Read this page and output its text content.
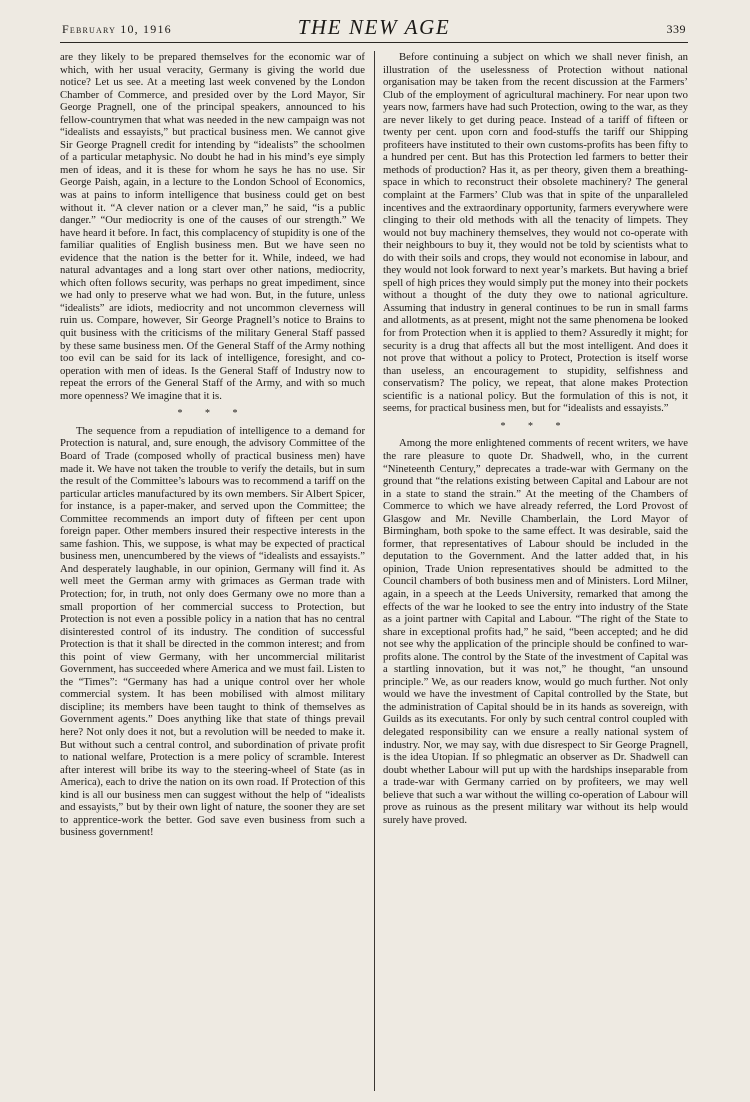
February 10, 1916	THE NEW AGE	339

are they likely to be prepared themselves for the economic war of which, with her usual veracity, Germany is giving the world due notice? Let us see. At a meeting last week convened by the London Chamber of Commerce, and presided over by the Lord Mayor, Sir George Pragnell, one of the principal speakers, announced to his fellow-countrymen that what was needed in the new campaign was not “idealists and essayists,” but practical business men. We cannot give Sir George Pragnell credit for intending by “idealists” the schoolmen of a particular metaphysic. No doubt he had in his mind’s eye simply men of ideas, and it is these for whom he says he has no use. Sir George Paish, again, in a lecture to the London School of Economics, was at pains to inform intelligence that business could get on best without it. “A clever nation or a clever man,” he said, “is a public danger.” “Our mediocrity is one of the causes of our strength.” We have heard it before. In fact, this complacency of stupidity is one of the familiar qualities of English business men. But we have seen no evidence that the nation is the better for it. While, indeed, we had natural advantages and a long start over other nations, mediocrity, which often follows security, was perhaps no great impediment, since we had only to preserve what we had won. But, in the future, unless “idealists” are idiots, mediocrity and not uncommon cleverness will ruin us. Compare, however, Sir George Pragnell’s notice to Brains to quit business with the criticisms of the military General Staff passed by these same business men. Of the General Staff of the Army nothing too evil can be said for its lack of intelligence, foresight, and co-operation with men of ideas. Is the General Staff of Industry now to repeat the errors of the General Staff of the Army, and with so much more openness? We imagine that it is.

* * *

The sequence from a repudiation of intelligence to a demand for Protection is natural, and, sure enough, the advisory Committee of the Board of Trade (composed wholly of practical business men) have made it. We have not taken the trouble to verify the details, but in sum the result of the Committee’s labours was to recommend a tariff on the particular articles manufactured by its own members. Sir Albert Spicer, for instance, is a paper-maker, and served upon the Committee; the Committee recommends an import duty of fifteen per cent upon foreign paper. Other members insured their respective interests in the same fashion. This, we suppose, is what may be expected of practical business men, unencumbered by the views of “idealists and essayists.” And desperately laughable, in our opinion, Germany will find it. As well meet the German army with grimaces as German trade with Protection; for, in truth, not only does Germany owe no more than a small proportion of her commercial success to Protection, but Protection is not even a possible policy in a nation that has no central disinterested control of its industry. The condition of successful Protection is that it shall be directed in the common interest; and from this point of view Germany, with her uncommercial militarist Government, has succeeded where America and we must fail. Listen to the “Times”: “Germany has had a unique control over her whole commercial system. It has been mobilised with almost military discipline; its members have been taught to think of themselves as Government agents.” Does anything like that state of things prevail here? Not only does it not, but a revolution will be needed to make it. But without such a central control, and subordination of private profit to national welfare, Protection is a mere policy of scramble. Interest after interest will bribe its way to the steering-wheel of State (as in America), each to drive the nation on its own road. If Protection of this kind is all our business men can suggest without the help of “idealists and essayists,” but by their own light of nature, the sooner they are set to apprentice-work the better. God save even business from such a business government!

Before continuing a subject on which we shall never finish, an illustration of the uselessness of Protection without national organisation may be taken from the recent discussion at the Farmers’ Club of the employment of agricultural machinery. For near upon two years now, farmers have had such Protection, owing to the war, as they are never likely to get during peace. Instead of a tariff of fifteen or twenty per cent. upon corn and food-stuffs the tariff our Shipping profiteers have instituted to their own customs-profits has been fifty to a hundred per cent. But has this Protection led farmers to better their methods of production? Has it, as per theory, given them a breathing-space in which to reconstruct their obsolete machinery? The general complaint at the Farmers’ Club was that in spite of the unparalleled incentives and the extraordinary opportunity, farmers everywhere were clinging to their old methods with all the tenacity of limpets. They would not buy machinery themselves, they would not co-operate with their neighbours to buy it, they would not be told by scientists what to do with their soils and crops, they would not economise in labour, and they would not look forward to next year’s markets. But having a brief spell of high prices they would simply put the money into their pockets without a thought of the duty they owe to national agriculture. Assuming that industry in general continues to be run in small farms and allotments, as at present, might not the same phenomena be looked for from Protection when it is applied to them? Assuredly it might; for security is a drug that affects all but the most intelligent. And does it not prove that without a policy to Protect, Protection is itself worse than useless, an encouragement to stupidity, selfishness and conservatism? The policy, we repeat, that alone makes Protection scientific is a national policy. But the formulation of this is not, it seems, for practical business men, but for “idealists and essayists.”

* * *

Among the more enlightened comments of recent writers, we have the rare pleasure to quote Dr. Shadwell, who, in the current “Nineteenth Century,” deprecates a trade-war with Germany on the ground that “the relations existing between Capital and Labour are not in a state to stand the strain.” At the meeting of the Chambers of Commerce to which we have already referred, the Lord Provost of Glasgow and Mr. Neville Chamberlain, the Lord Mayor of Birmingham, both spoke to the same effect. It was desirable, said the former, that representatives of Labour should be included in the deputation to the Government. And the latter added that, in his opinion, Trade Union representatives should be admitted to the Council chambers of both business men and of Ministers. Lord Milner, again, in a speech at the Leeds University, remarked that among the effects of the war he looked to see the entry into industry of the State as a joint partner with Capital and Labour. “The right of the State to share in exceptional profits had,” he said, “been accepted; and he did not see why the application of the principle should be confined to war-profits alone. The control by the State of the investment of Capital was a startling innovation, but it was not,” he thought, “an unsound principle.” We, as our readers know, would go much further. Not only would we have the investment of Capital controlled by the State, but the administration of Capital should be in its hands as sovereign, with Guilds as its executants. For only by such central control coupled with delegated responsibility can we ensure a really national system of industry. Nor, we may say, with due disrespect to Sir George Pragnell, is the idea Utopian. If so phlegmatic an observer as Dr. Shadwell can doubt whether Labour will put up with the hardships inseparable from a trade-war with Germany carried on by profiteers, we may well believe that such a war without the willing co-operation of Labour will prove as ruinous as the present military war without its help would surely have proved.
